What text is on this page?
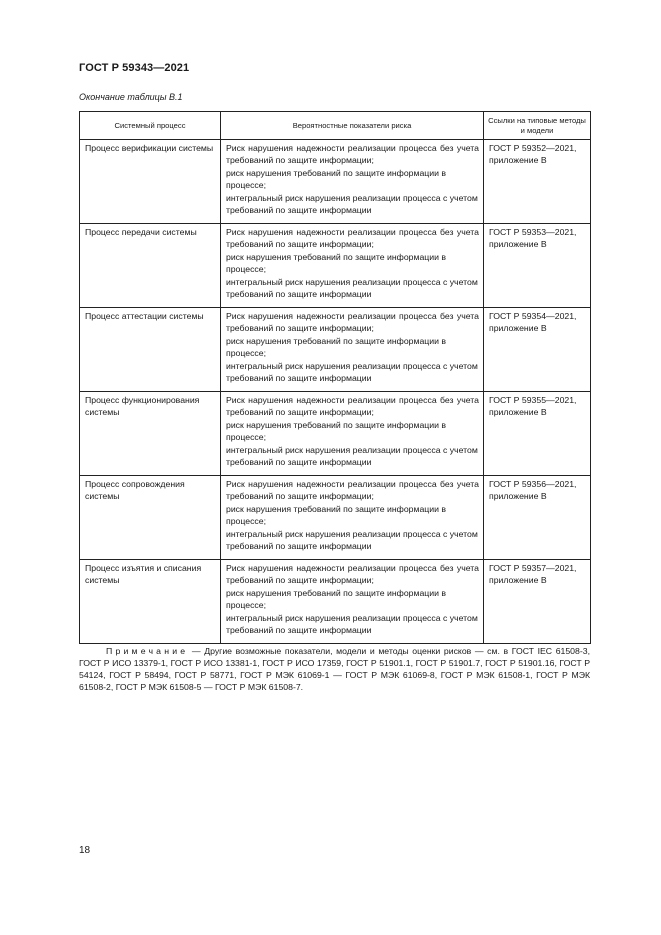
ГОСТ Р 59343—2021
Окончание таблицы В.1
Системный процесс	Вероятностные показатели риска	Ссылки на типовые методы и модели
Процесс верификации системы	Риск нарушения надежности реализации процесса без учета требований по защите информации;

риск нарушения требований по защите информации в процессе;

интегральный риск нарушения реализации процесса с учетом требований по защите информации	ГОСТ Р 59352—2021, приложение В
Процесс передачи системы	Риск нарушения надежности реализации процесса без учета требований по защите информации;

риск нарушения требований по защите информации в процессе;

интегральный риск нарушения реализации процесса с учетом требований по защите информации	ГОСТ Р 59353—2021, приложение В
Процесс аттестации системы	Риск нарушения надежности реализации процесса без учета требований по защите информации;

риск нарушения требований по защите информации в процессе;

интегральный риск нарушения реализации процесса с учетом требований по защите информации	ГОСТ Р 59354—2021, приложение В
Процесс функционирования системы	Риск нарушения надежности реализации процесса без учета требований по защите информации;

риск нарушения требований по защите информации в процессе;

интегральный риск нарушения реализации процесса с учетом требований по защите информации	ГОСТ Р 59355—2021, приложение В
Процесс сопровождения системы	Риск нарушения надежности реализации процесса без учета требований по защите информации;

риск нарушения требований по защите информации в процессе;

интегральный риск нарушения реализации процесса с учетом требований по защите информации	ГОСТ Р 59356—2021, приложение В
Процесс изъятия и списания системы	Риск нарушения надежности реализации процесса без учета требований по защите информации;

риск нарушения требований по защите информации в процессе;

интегральный риск нарушения реализации процесса с учетом требований по защите информации	ГОСТ Р 59357—2021, приложение В
Примечание — Другие возможные показатели, модели и методы оценки рисков — см. в ГОСТ IEC 61508-3, ГОСТ Р ИСО 13379-1, ГОСТ Р ИСО 13381-1, ГОСТ Р ИСО 17359, ГОСТ Р 51901.1, ГОСТ Р 51901.7, ГОСТ Р 51901.16, ГОСТ Р 54124, ГОСТ Р 58494, ГОСТ Р 58771, ГОСТ Р МЭК 61069-1 — ГОСТ Р МЭК 61069-8, ГОСТ Р МЭК 61508-1, ГОСТ Р МЭК 61508-2, ГОСТ Р МЭК 61508-5 — ГОСТ Р МЭК 61508-7.
18
